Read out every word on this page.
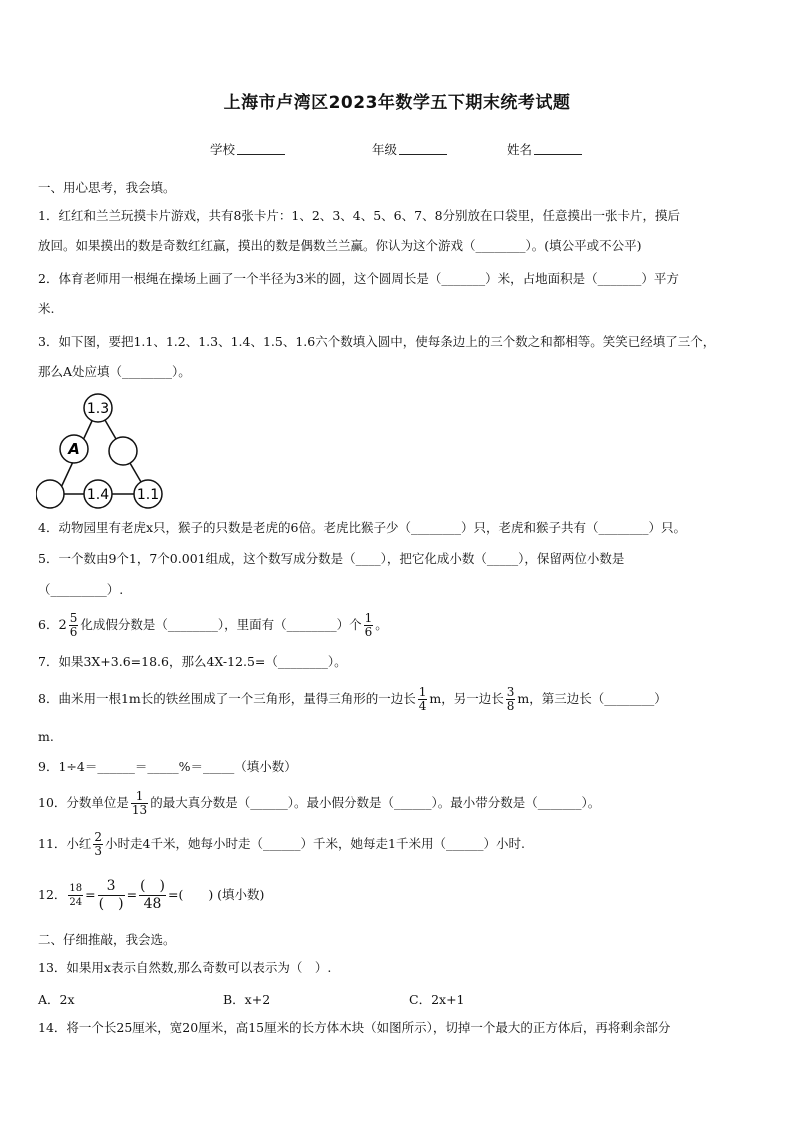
上海市卢湾区2023年数学五下期末统考试题
学校	年级	姓名
一、用心思考，我会填。
1．红红和兰兰玩摸卡片游戏，共有8张卡片：1、2、3、4、5、6、7、8分别放在口袋里，任意摸出一张卡片，摸后
放回。如果摸出的数是奇数红红赢，摸出的数是偶数兰兰赢。你认为这个游戏（________）。(填公平或不公平)
2．体育老师用一根绳在操场上画了一个半径为3米的圆，这个圆周长是（_______）米，占地面积是（_______）平方
米.
3．如下图，要把1.1、1.2、1.3、1.4、1.5、1.6六个数填入圆中，使每条边上的三个数之和都相等。笑笑已经填了三个，
那么A处应填（________）。
1.3
A
1.4 1.1
4．动物园里有老虎x只，猴子的只数是老虎的6倍。老虎比猴子少（________）只，老虎和猴子共有（________）只。
5．一个数由9个1，7个0.001组成，这个数写成分数是（____），把它化成小数（_____），保留两位小数是
（_________）.
6．$2 \frac{5}{6}$ 化成假分数是（________），里面有（________）个 $\frac{1}{6}$ 。
7．如果3X+3.6=18.6，那么4X-12.5=（________）。
8．曲米用一根1m长的铁丝围成了一个三角形，量得三角形的一边长 $\frac{1}{4}$ m，另一边长 $\frac{3}{8}$ m，第三边长（________）
m.
9．1÷4＝______＝_____%＝_____（填小数）
10．分数单位是 $\frac{1}{13}$ 的最大真分数是（______）。最小假分数是（______）。最小带分数是（_______）。
11．小红 $\frac{2}{3}$ 小时走4千米，她每小时走（______）千米，她每走1千米用（______）小时.
12． $\frac{18}{24} = \frac{3}{( )} = \frac{( )}{48}$ =(　　) (填小数)
二、仔细推敲，我会选。
13．如果用x表示自然数,那么奇数可以表示为（　）.
A．2x	B．x+2	C．2x+1
14．将一个长25厘米，宽20厘米，高15厘米的长方体木块（如图所示），切掉一个最大的正方体后，再将剩余部分
